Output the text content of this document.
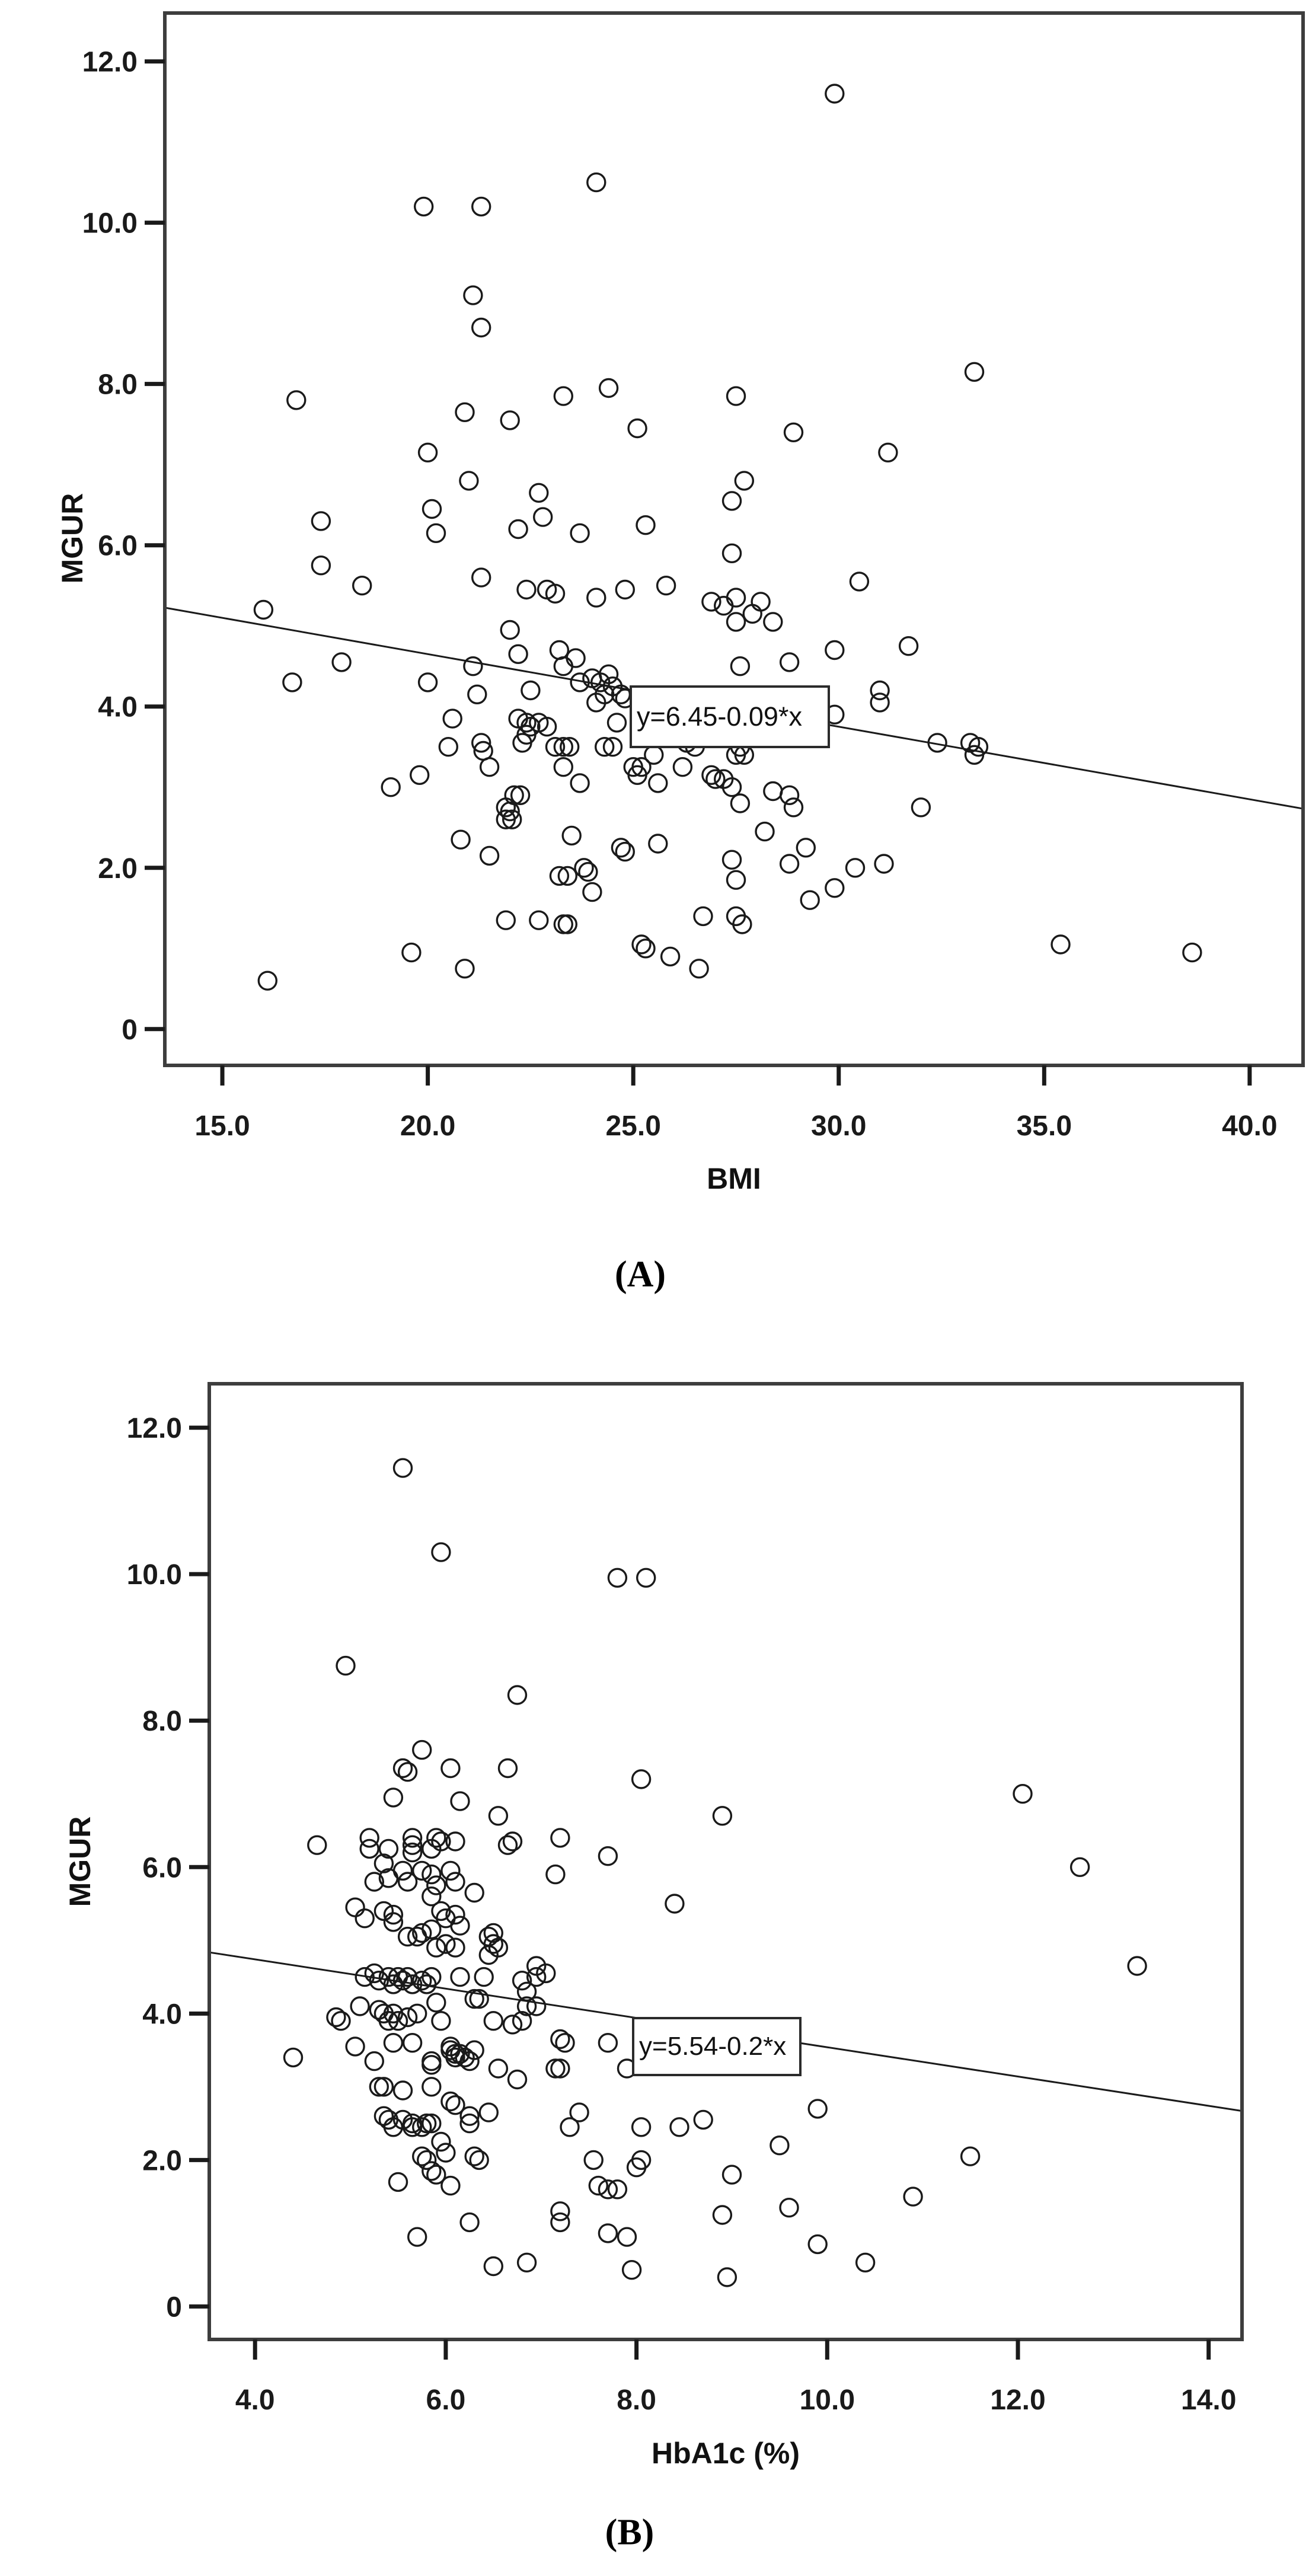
15.0	20.0	25.0	30.0	35.0	40.0
0
2.0
4.0
6.0
8.0
10.0
12.0
4.0	6.0	8.0	10.0	12.0	14.0
0
2.0
4.0
6.0
8.0
10.0
12.0
MGUR
BMI
y=6.45-0.09*x
(A)
MGUR
HbA1c (%)
y=5.54-0.2*x
(B)
